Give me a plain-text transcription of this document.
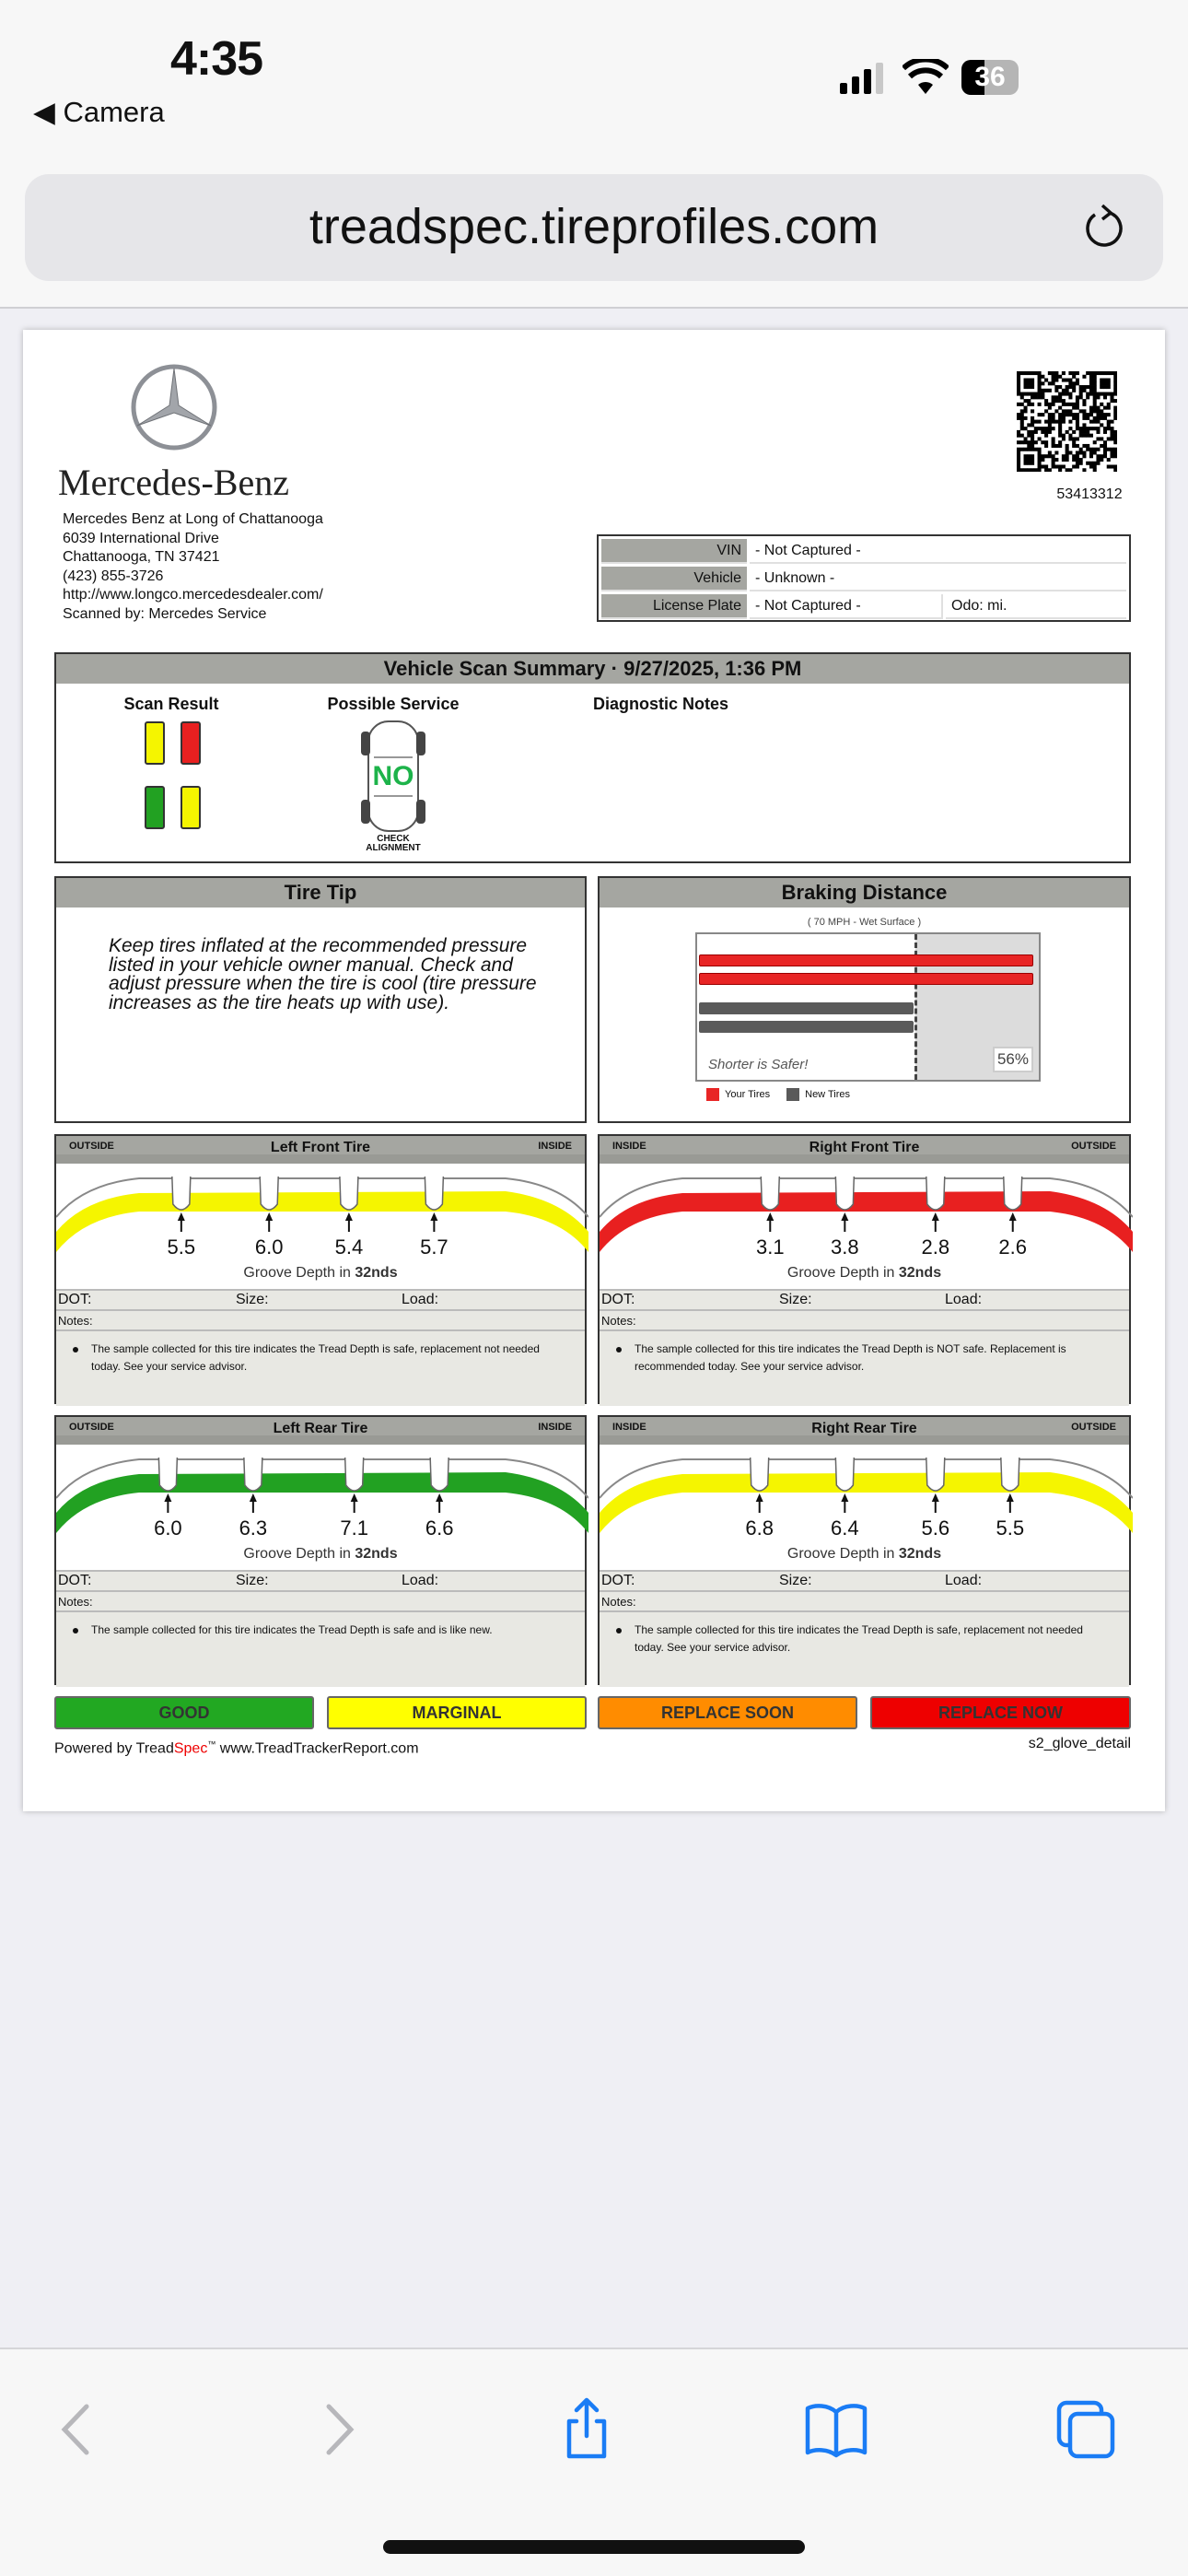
4:35
◀ Camera
36
treadspec.tireprofiles.com
Mercedes-Benz
Mercedes Benz at Long of Chattanooga
6039 International Drive
Chattanooga, TN 37421
(423) 855-3726
http://www.longco.mercedesdealer.com/
Scanned by: Mercedes Service
53413312
VIN	- Not Captured -	
Vehicle	- Unknown -	
License Plate	- Not Captured -	Odo: mi.
Vehicle Scan Summary · 9/27/2025, 1:36 PM
Scan Result	Possible Service
NO
CHECK
ALIGNMENT
Diagnostic Notes
Tire Tip
Keep tires inflated at the recommended pressure listed in your vehicle owner manual. Check and adjust pressure when the tire is cool (tire pressure increases as the tire heats up with use).
Braking Distance
( 70 MPH - Wet Surface )
Shorter is Safer!	56%
Your Tires	New Tires
OUTSIDE	Left Front Tire	INSIDE
5.5	6.0	5.4	5.7
Groove Depth in 32nds
DOT:	Size:	Load:
Notes:
The sample collected for this tire indicates the Tread Depth is safe, replacement not needed today. See your service advisor.
INSIDE	Right Front Tire	OUTSIDE
3.1	3.8	2.8	2.6
Groove Depth in 32nds
DOT:	Size:	Load:
Notes:
The sample collected for this tire indicates the Tread Depth is NOT safe. Replacement is recommended today. See your service advisor.
OUTSIDE	Left Rear Tire	INSIDE
6.0	6.3	7.1	6.6
Groove Depth in 32nds
DOT:	Size:	Load:
Notes:
The sample collected for this tire indicates the Tread Depth is safe and is like new.
INSIDE	Right Rear Tire	OUTSIDE
6.8	6.4	5.6	5.5
Groove Depth in 32nds
DOT:	Size:	Load:
Notes:
The sample collected for this tire indicates the Tread Depth is safe, replacement not needed today. See your service advisor.
GOOD	MARGINAL	REPLACE SOON	REPLACE NOW
Powered by TreadSpec™ www.TreadTrackerReport.com	s2_glove_detail
